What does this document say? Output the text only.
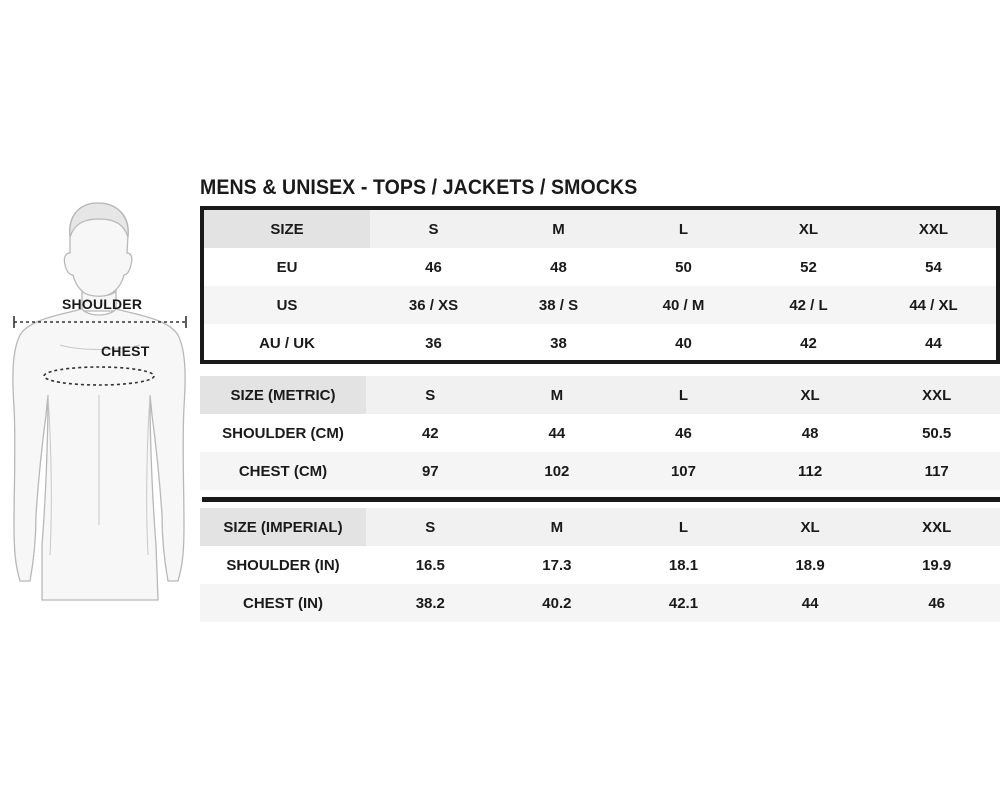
SHOULDER
CHEST
MENS & UNISEX - TOPS / JACKETS / SMOCKS
SIZE	S	M	L	XL	XXL
EU	46	48	50	52	54
US	36 / XS	38 / S	40 / M	42 / L	44 / XL
AU / UK	36	38	40	42	44
SIZE (METRIC)	S	M	L	XL	XXL
SHOULDER (CM)	42	44	46	48	50.5
CHEST (CM)	97	102	107	112	117
SIZE (IMPERIAL)	S	M	L	XL	XXL
SHOULDER (IN)	16.5	17.3	18.1	18.9	19.9
CHEST (IN)	38.2	40.2	42.1	44	46
